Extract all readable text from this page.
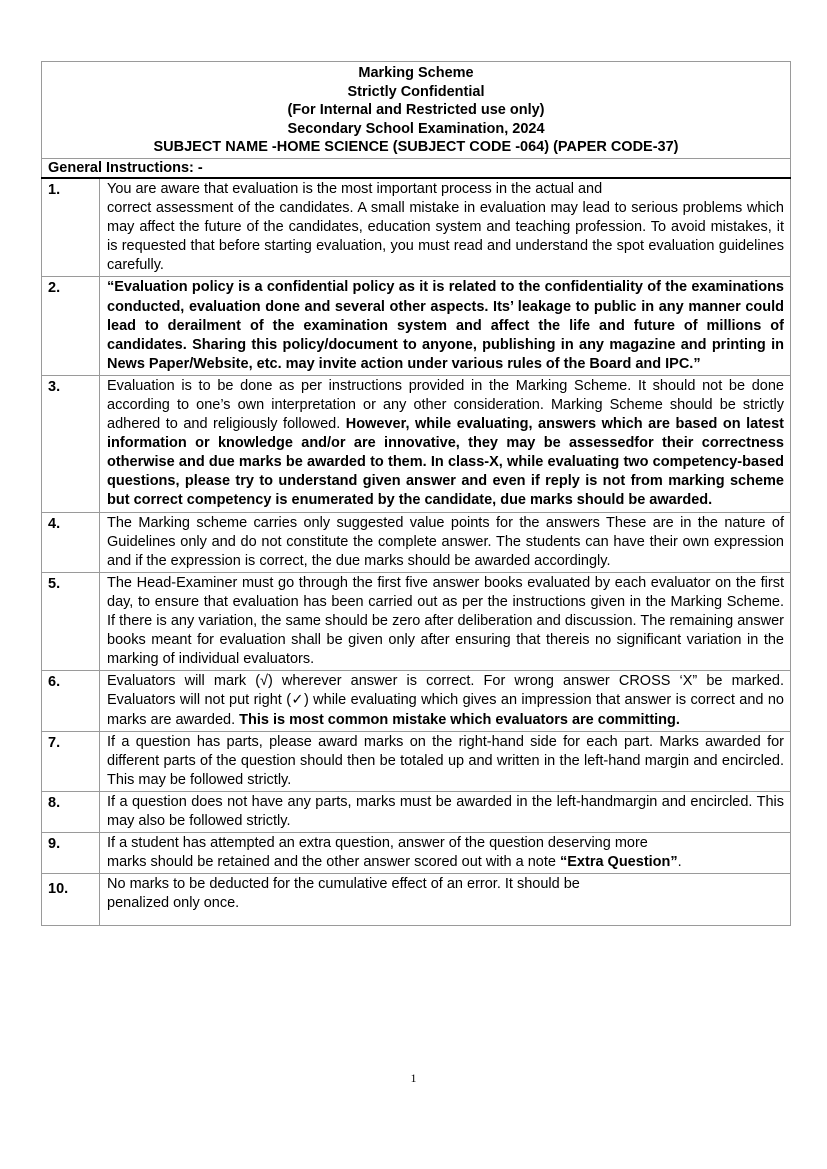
Marking Scheme
Strictly Confidential
(For Internal and Restricted use only)
Secondary School Examination, 2024
SUBJECT NAME -HOME SCIENCE (SUBJECT CODE -064) (PAPER CODE-37)	

General Instructions: -	
1.	You are aware that evaluation is the most important process in the actual and
correct assessment of the candidates. A small mistake in evaluation may lead to serious problems which may affect the future of the candidates, education system and teaching profession. To avoid mistakes, it is requested that before starting evaluation, you must read and understand the spot evaluation guidelines carefully.

2.	“Evaluation policy is a confidential policy as it is related to the confidentiality of the examinations conducted, evaluation done and several other aspects. Its’ leakage to public in any manner could lead to derailment of the examination system and affect the life and future of millions of candidates. Sharing this policy/document to anyone, publishing in any magazine and printing in News Paper/Website, etc. may invite action under various rules of the Board and IPC.”
3.	Evaluation is to be done as per instructions provided in the Marking Scheme. It should not be done according to one’s own interpretation or any other consideration. Marking Scheme should be strictly adhered to and religiously followed. However, while evaluating, answers which are based on latest information or knowledge and/or are innovative, they may be assessedfor their correctness otherwise and due marks be awarded to them. In class-X, while evaluating two competency-based questions, please try to understand given answer and even if reply is not from marking scheme but correct competency is enumerated by the candidate, due marks should be awarded.
4.	The Marking scheme carries only suggested value points for the answers These are in the nature of Guidelines only and do not constitute the complete answer. The students can have their own expression and if the expression is correct, the due marks should be awarded accordingly.
5.	The Head-Examiner must go through the first five answer books evaluated by each evaluator on the first day, to ensure that evaluation has been carried out as per the instructions given in the Marking Scheme. If there is any variation, the same should be zero after deliberation and discussion. The remaining answer books meant for evaluation shall be given only after ensuring that thereis no significant variation in the marking of individual evaluators.
6.	Evaluators will mark (√) wherever answer is correct. For wrong answer CROSS ‘X” be marked. Evaluators will not put right (✓) while evaluating which gives an impression that answer is correct and no marks are awarded. This is most common mistake which evaluators are committing.
7.	If a question has parts, please award marks on the right-hand side for each part. Marks awarded for different parts of the question should then be totaled up and written in the left-hand margin and encircled. This may be followed strictly.
8.	If a question does not have any parts, marks must be awarded in the left-handmargin and encircled. This may also be followed strictly.
9.	If a student has attempted an extra question, answer of the question deserving more
marks should be retained and the other answer scored out with a note “Extra Question”.
10.	No marks to be deducted for the cumulative effect of an error. It should be
penalized only once.
1
